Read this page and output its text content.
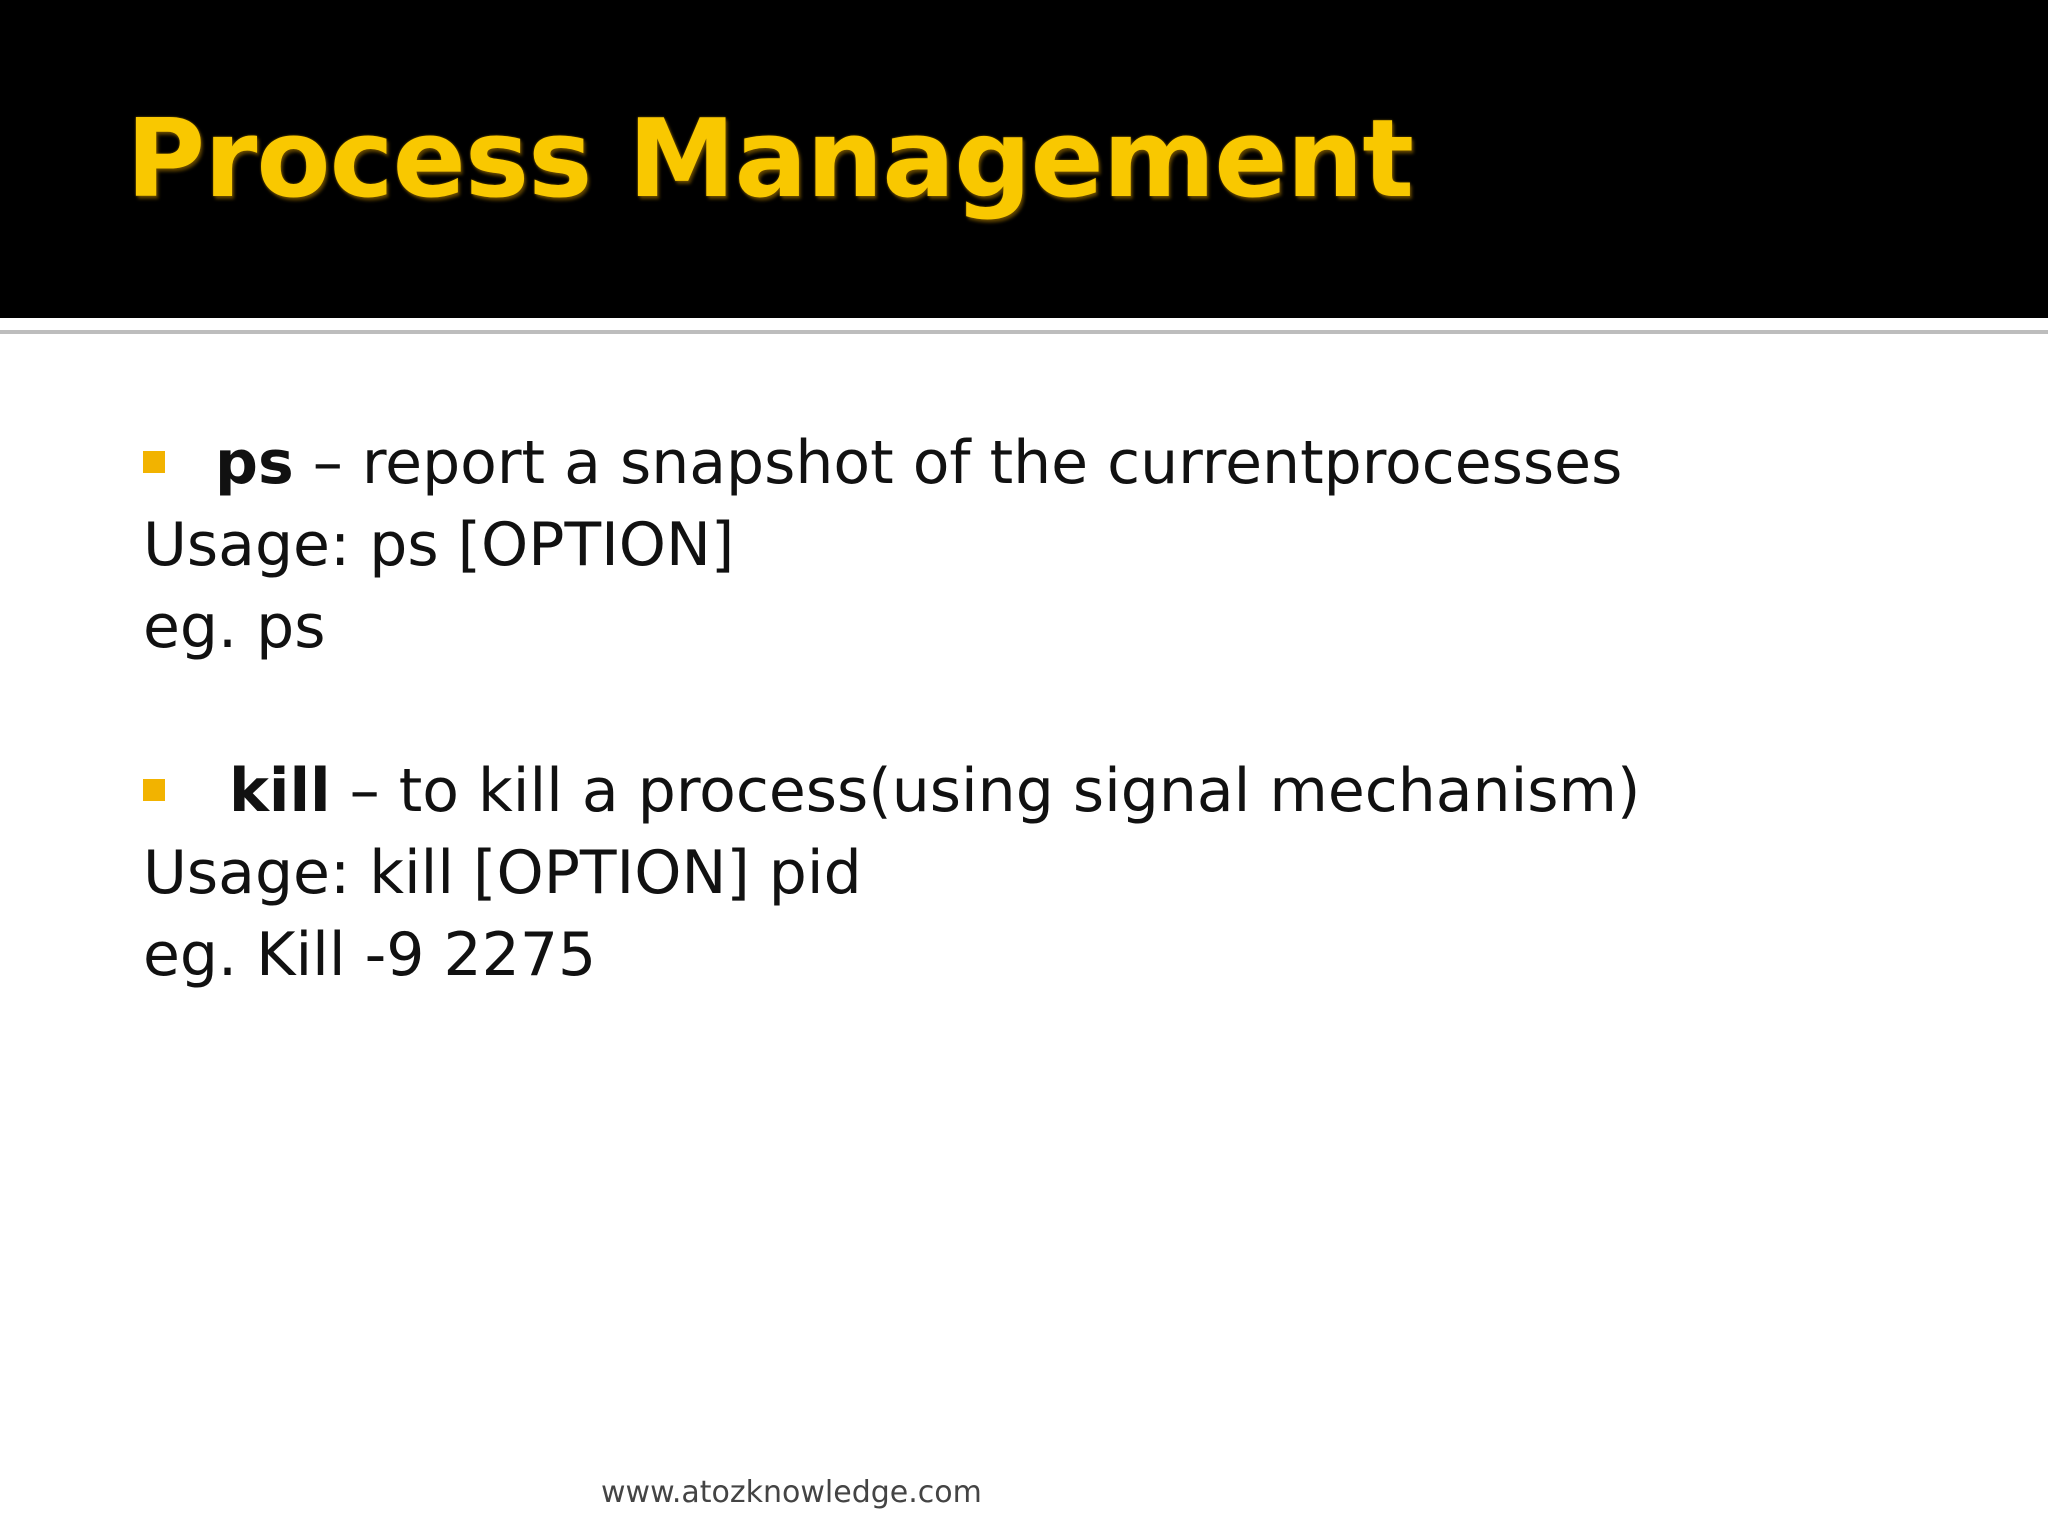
Process Management
ps – report a snapshot of the currentprocesses
Usage: ps [OPTION]
eg. ps
kill – to kill a process(using signal mechanism)
Usage: kill [OPTION] pid
eg. Kill -9 2275
www.atozknowledge.com
